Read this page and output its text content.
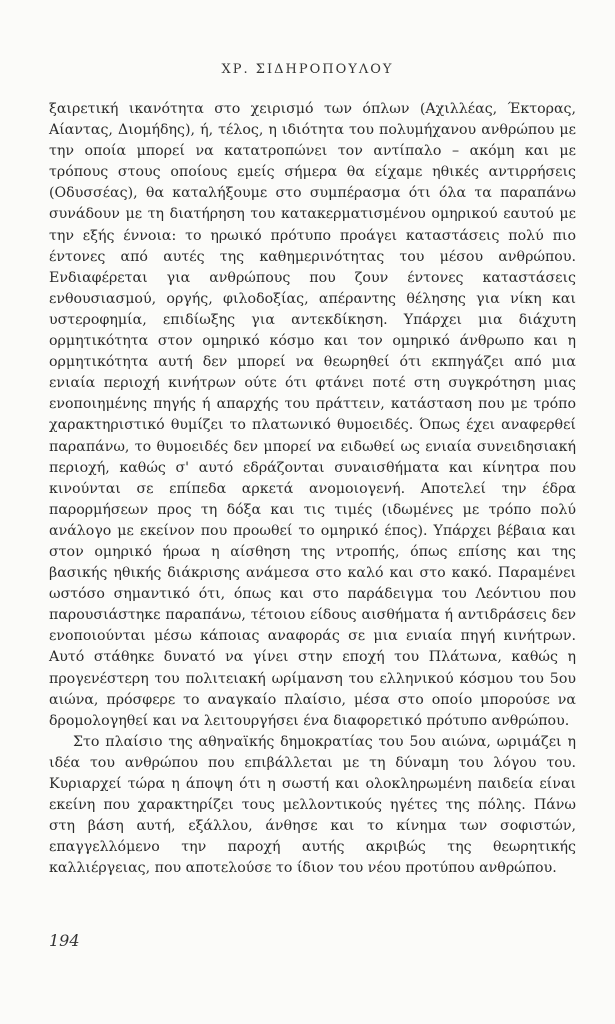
ΧΡ. ΣΙΔΗΡΟΠΟΥΛΟΥ

ξαιρετική ικανότητα στο χειρισμό των όπλων (Αχιλλέας, Έκτορας, Αίαντας, Διομήδης), ή, τέλος, η ιδιότητα του πολυμήχανου ανθρώπου με την οποία μπορεί να κατατροπώνει τον αντίπαλο – ακόμη και με τρόπους στους οποίους εμείς σήμερα θα είχαμε ηθικές αντιρρήσεις (Οδυσσέας), θα καταλήξουμε στο συμπέρασμα ότι όλα τα παραπάνω συνάδουν με τη διατήρηση του κατακερματισμένου ομηρικού εαυτού με την εξής έννοια: το ηρωικό πρότυπο προάγει καταστάσεις πολύ πιο έντονες από αυτές της καθημερινότητας του μέσου ανθρώπου. Ενδιαφέρεται για ανθρώπους που ζουν έντονες καταστάσεις ενθουσιασμού, οργής, φιλοδοξίας, απέραντης θέλησης για νίκη και υστεροφημία, επιδίωξης για αντεκδίκηση. Υπάρχει μια διάχυτη ορμητικότητα στον ομηρικό κόσμο και τον ομηρικό άνθρωπο και η ορμητικότητα αυτή δεν μπορεί να θεωρηθεί ότι εκπηγάζει από μια ενιαία περιοχή κινήτρων ούτε ότι φτάνει ποτέ στη συγκρότηση μιας ενοποιημένης πηγής ή απαρχής του πράττειν, κατάσταση που με τρόπο χαρακτηριστικό θυμίζει το πλατωνικό θυμοειδές. Όπως έχει αναφερθεί παραπάνω, το θυμοειδές δεν μπορεί να ειδωθεί ως ενιαία συνειδησιακή περιοχή, καθώς σ' αυτό εδράζονται συναισθήματα και κίνητρα που κινούνται σε επίπεδα αρκετά ανομοιογενή. Αποτελεί την έδρα παρορμήσεων προς τη δόξα και τις τιμές (ιδωμένες με τρόπο πολύ ανάλογο με εκείνον που προωθεί το ομηρικό έπος). Υπάρχει βέβαια και στον ομηρικό ήρωα η αίσθηση της ντροπής, όπως επίσης και της βασικής ηθικής διάκρισης ανάμεσα στο καλό και στο κακό. Παραμένει ωστόσο σημαντικό ότι, όπως και στο παράδειγμα του Λεόντιου που παρουσιάστηκε παραπάνω, τέτοιου είδους αισθήματα ή αντιδράσεις δεν ενοποιούνται μέσω κάποιας αναφοράς σε μια ενιαία πηγή κινήτρων. Αυτό στάθηκε δυνατό να γίνει στην εποχή του Πλάτωνα, καθώς η προγενέστερη του πολιτειακή ωρίμανση του ελληνικού κόσμου του 5ου αιώνα, πρόσφερε το αναγκαίο πλαίσιο, μέσα στο οποίο μπορούσε να δρομολογηθεί και να λειτουργήσει ένα διαφορετικό πρότυπο ανθρώπου.

Στο πλαίσιο της αθηναϊκής δημοκρατίας του 5ου αιώνα, ωριμάζει η ιδέα του ανθρώπου που επιβάλλεται με τη δύναμη του λόγου του. Κυριαρχεί τώρα η άποψη ότι η σωστή και ολοκληρωμένη παιδεία είναι εκείνη που χαρακτηρίζει τους μελλοντικούς ηγέτες της πόλης. Πάνω στη βάση αυτή, εξάλλου, άνθησε και το κίνημα των σοφιστών, επαγγελλόμενο την παροχή αυτής ακριβώς της θεωρητικής καλλιέργειας, που αποτελούσε το ίδιον του νέου προτύπου ανθρώπου.

194
